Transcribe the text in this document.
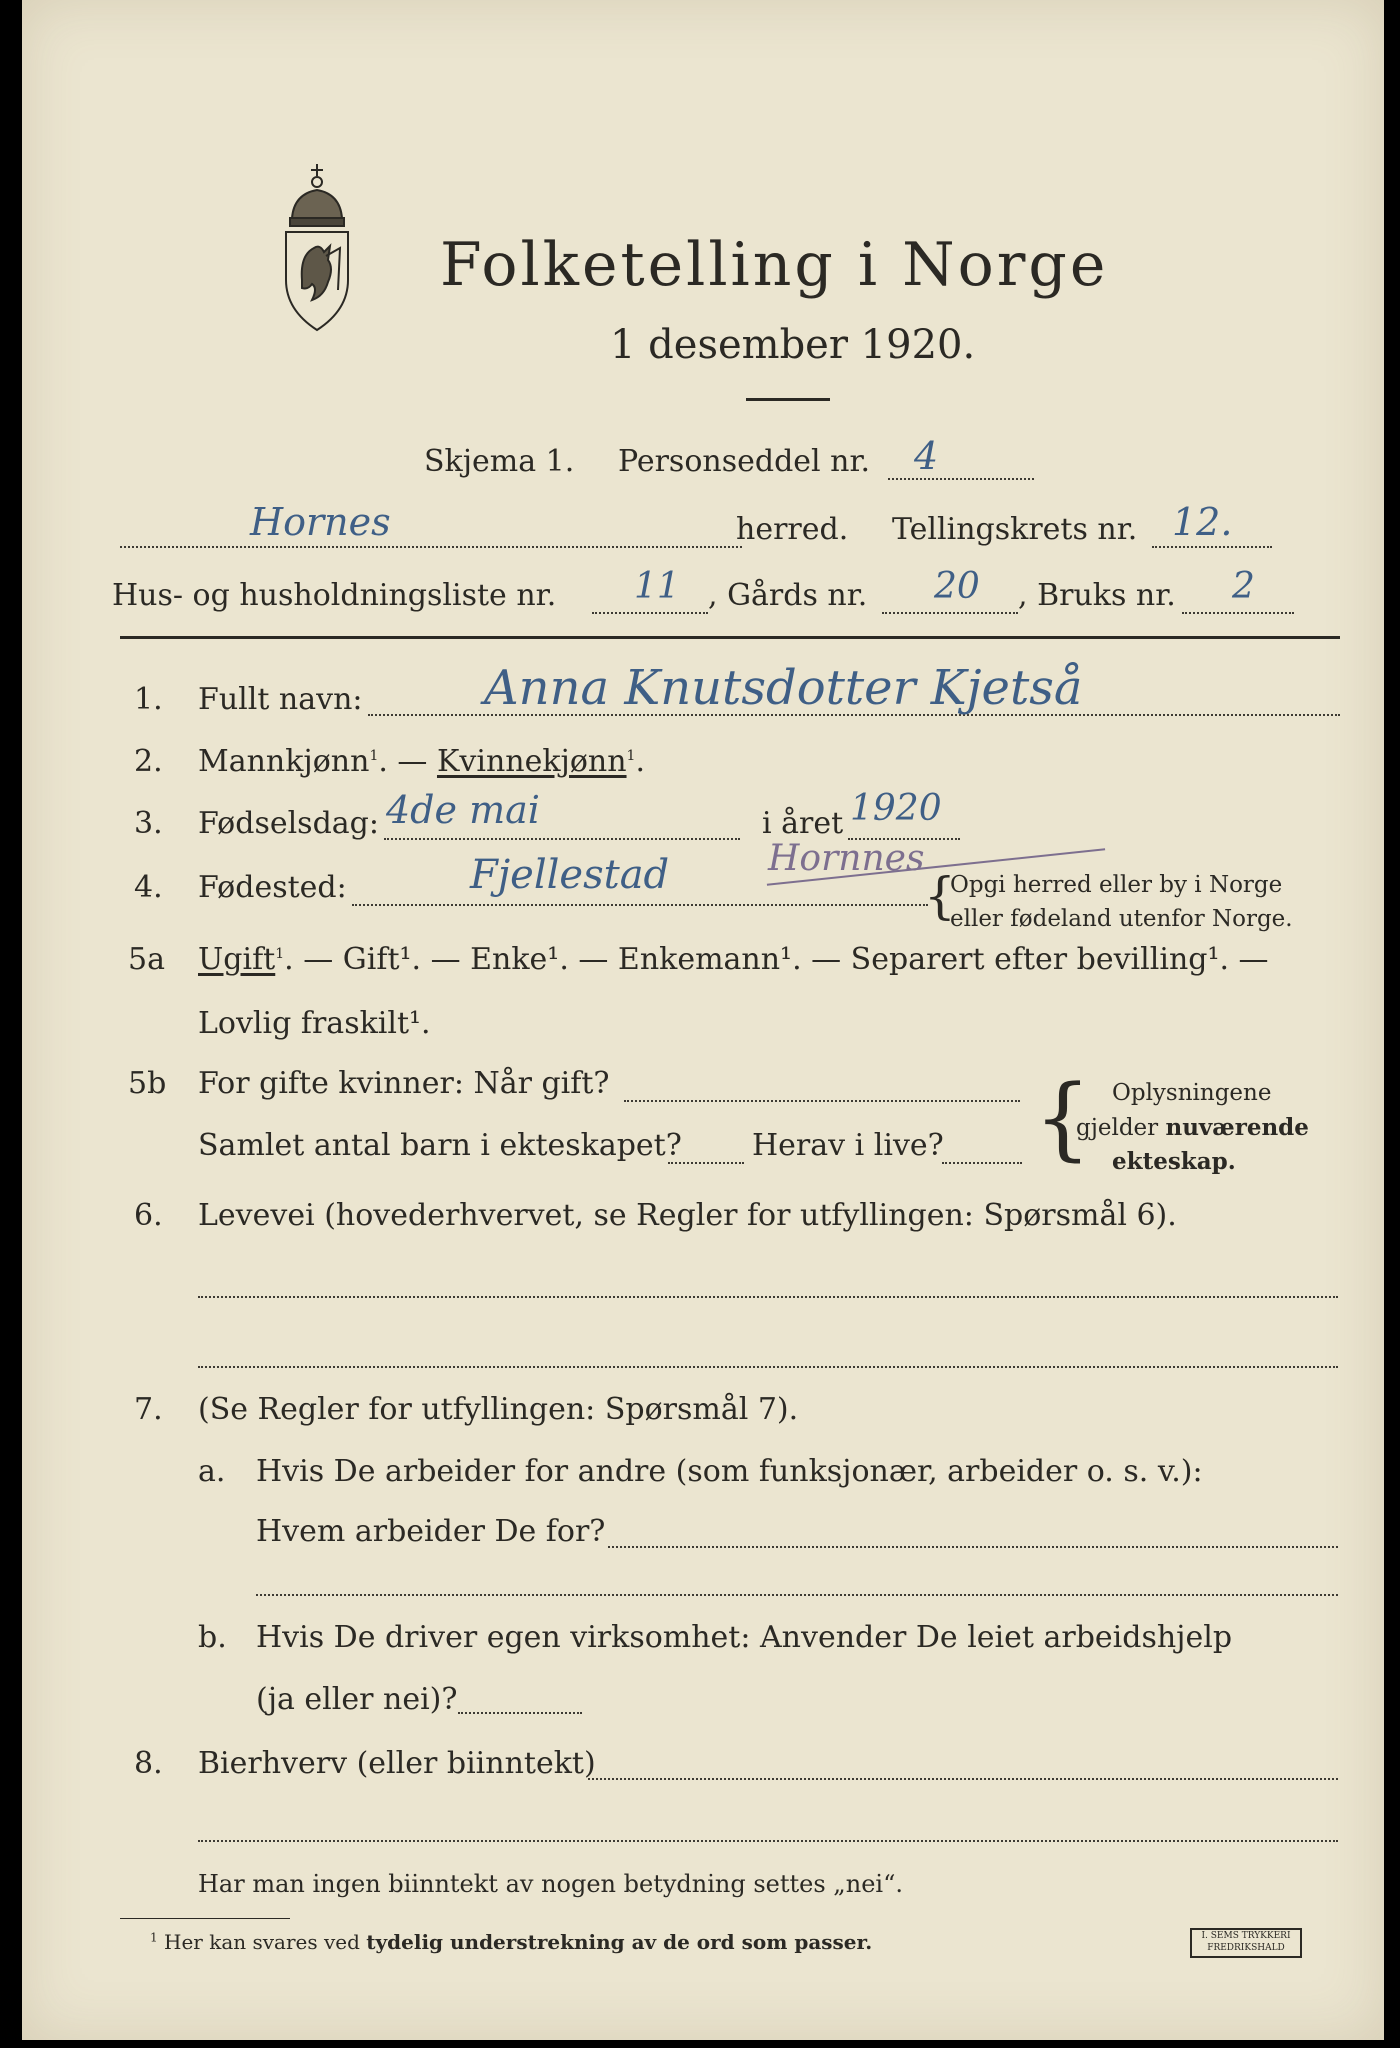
Folketelling i Norge
1 desember 1920.
Skjema 1. Personseddel nr. 4
Hornes	herred. Tellingskrets nr. 12.
Hus- og husholdningsliste nr. 11 , Gårds nr. 20 , Bruks nr. 2
1. Fullt navn:	Anna Knutsdotter Kjetså
2. Mannkjønn$^1$. — Kvinnekjønn$^1$.
3. Fødselsdag: 4de mai	i året 1920
4. Fødested:	Fjellestad	Hornnes
{
Opgi herred eller by i Norge
eller fødeland utenfor Norge.
5a Ugift$^1$. — Gift¹. — Enke¹. — Enkemann¹. — Separert efter bevilling¹. —
Lovlig fraskilt¹.
5b For gifte kvinner: Når gift?
Samlet antal barn i ekteskapet? Herav i live? { Oplysningene
gjelder nuværende
ekteskap.
6. Levevei (hovederhvervet, se Regler for utfyllingen: Spørsmål 6).
7. (Se Regler for utfyllingen: Spørsmål 7).
a. Hvis De arbeider for andre (som funksjonær, arbeider o. s. v.):
Hvem arbeider De for?
b. Hvis De driver egen virksomhet: Anvender De leiet arbeidshjelp
(ja eller nei)?
8. Bierhverv (eller biinntekt)
Har man ingen biinntekt av nogen betydning settes „nei“.
$^1$ Her kan svares ved tydelig understrekning av de ord som passer.	I. SEMS TRYKKERI FREDRIKSHALD
